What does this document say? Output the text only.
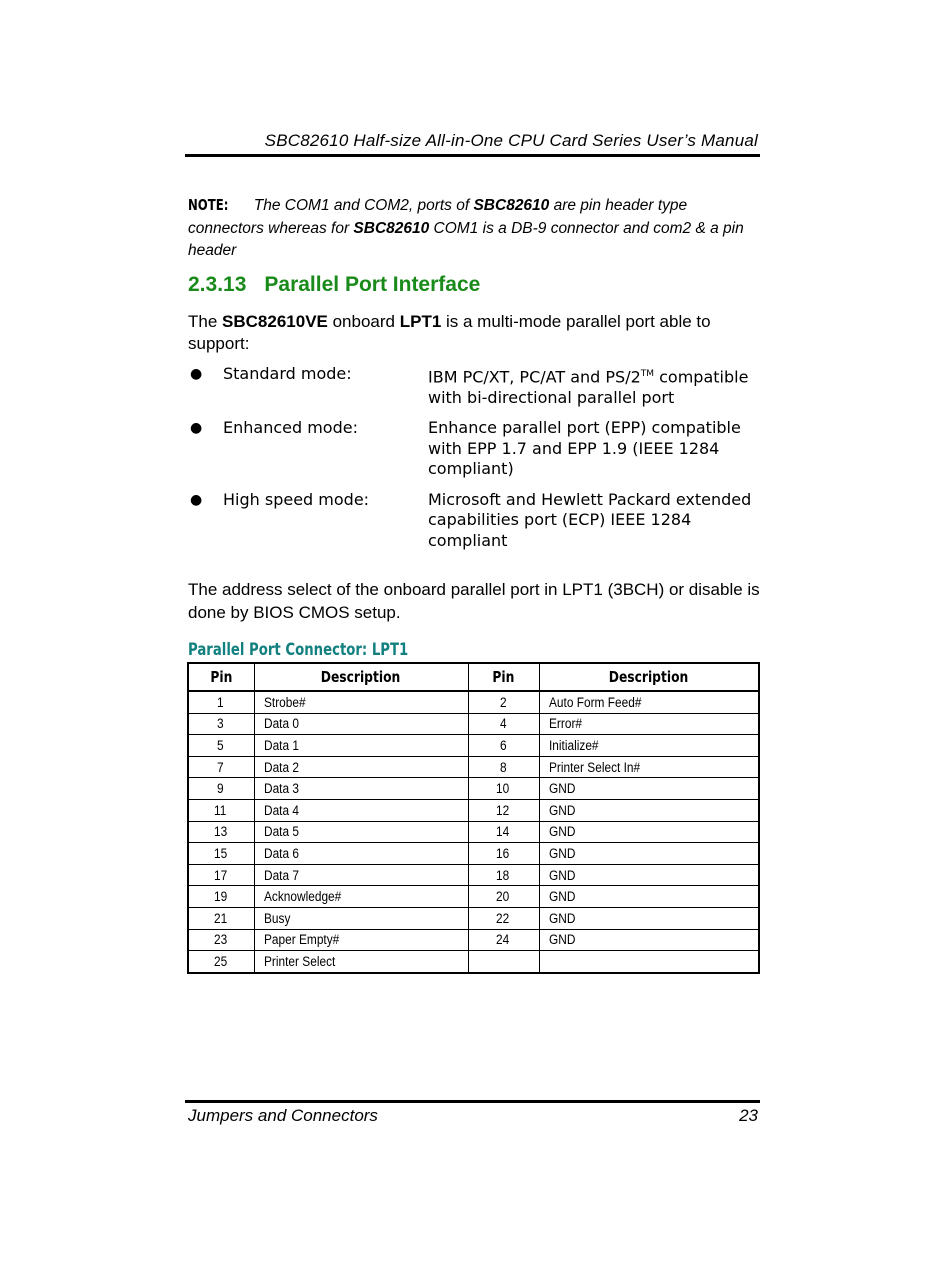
SBC82610 Half-size All-in-One CPU Card Series User’s Manual
NOTE: The COM1 and COM2, ports of SBC82610 are pin header type connectors whereas for SBC82610 COM1 is a DB-9 connector and com2 & a pin header
2.3.13 Parallel Port Interface
The SBC82610VE onboard LPT1 is a multi-mode parallel port able to support:
● Standard mode:	IBM PC/XT, PC/AT and PS/2™ compatible with bi-directional parallel port
● Enhanced mode:	Enhance parallel port (EPP) compatible with EPP 1.7 and EPP 1.9 (IEEE 1284 compliant)
● High speed mode:	Microsoft and Hewlett Packard extended capabilities port (ECP) IEEE 1284 compliant
The address select of the onboard parallel port in LPT1 (3BCH) or disable is done by BIOS CMOS setup.
Parallel Port Connector: LPT1
Pin	Description	Pin	Description
1	Strobe#	2	Auto Form Feed#
3	Data 0	4	Error#
5	Data 1	6	Initialize#
7	Data 2	8	Printer Select In#
9	Data 3	10	GND
11	Data 4	12	GND
13	Data 5	14	GND
15	Data 6	16	GND
17	Data 7	18	GND
19	Acknowledge#	20	GND
21	Busy	22	GND
23	Paper Empty#	24	GND
25	Printer Select		
Jumpers and Connectors	23
